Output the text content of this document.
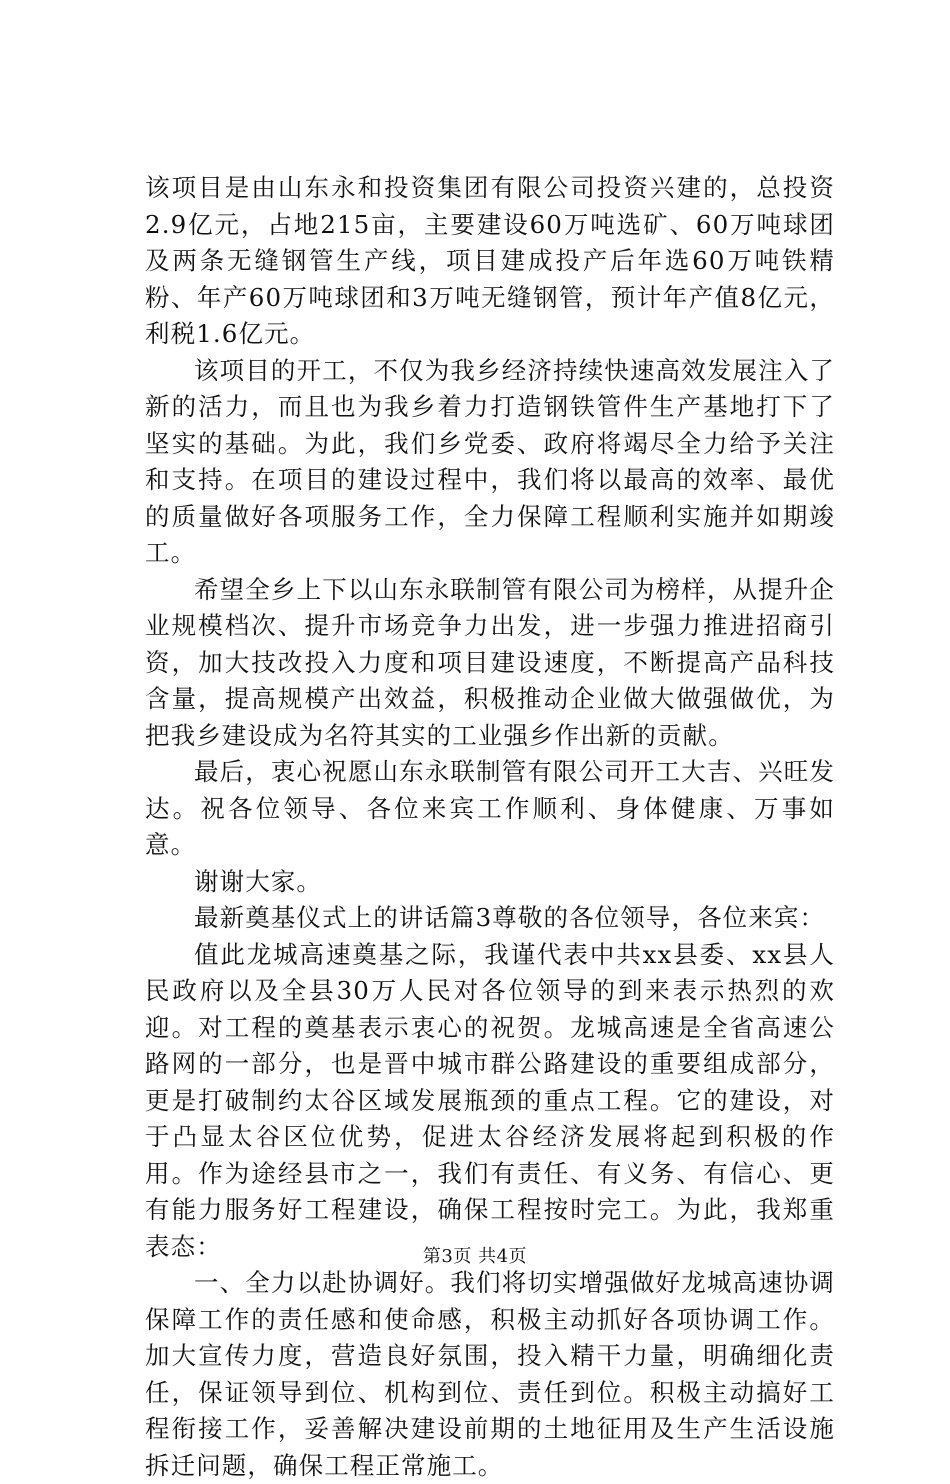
该项目是由山东永和投资集团有限公司投资兴建的，总投资2.9亿元，占地215亩，主要建设60万吨选矿、60万吨球团及两条无缝钢管生产线，项目建成投产后年选60万吨铁精粉、年产60万吨球团和3万吨无缝钢管，预计年产值8亿元，利税1.6亿元。

该项目的开工，不仅为我乡经济持续快速高效发展注入了新的活力，而且也为我乡着力打造钢铁管件生产基地打下了坚实的基础。为此，我们乡党委、政府将竭尽全力给予关注和支持。在项目的建设过程中，我们将以最高的效率、最优的质量做好各项服务工作，全力保障工程顺利实施并如期竣工。

希望全乡上下以山东永联制管有限公司为榜样，从提升企业规模档次、提升市场竞争力出发，进一步强力推进招商引资，加大技改投入力度和项目建设速度，不断提高产品科技含量，提高规模产出效益，积极推动企业做大做强做优，为把我乡建设成为名符其实的工业强乡作出新的贡献。

最后，衷心祝愿山东永联制管有限公司开工大吉、兴旺发达。祝各位领导、各位来宾工作顺利、身体健康、万事如意。

谢谢大家。

最新奠基仪式上的讲话篇3尊敬的各位领导，各位来宾：

值此龙城高速奠基之际，我谨代表中共xx县委、xx县人民政府以及全县30万人民对各位领导的到来表示热烈的欢迎。对工程的奠基表示衷心的祝贺。龙城高速是全省高速公路网的一部分，也是晋中城市群公路建设的重要组成部分，更是打破制约太谷区域发展瓶颈的重点工程。它的建设，对于凸显太谷区位优势，促进太谷经济发展将起到积极的作用。作为途经县市之一，我们有责任、有义务、有信心、更有能力服务好工程建设，确保工程按时完工。为此，我郑重表态：

一、全力以赴协调好。我们将切实增强做好龙城高速协调保障工作的责任感和使命感，积极主动抓好各项协调工作。加大宣传力度，营造良好氛围，投入精干力量，明确细化责任，保证领导到位、机构到位、责任到位。积极主动搞好工程衔接工作，妥善解决建设前期的土地征用及生产生活设施拆迁问题，确保工程正常施工。

第3页 共4页
